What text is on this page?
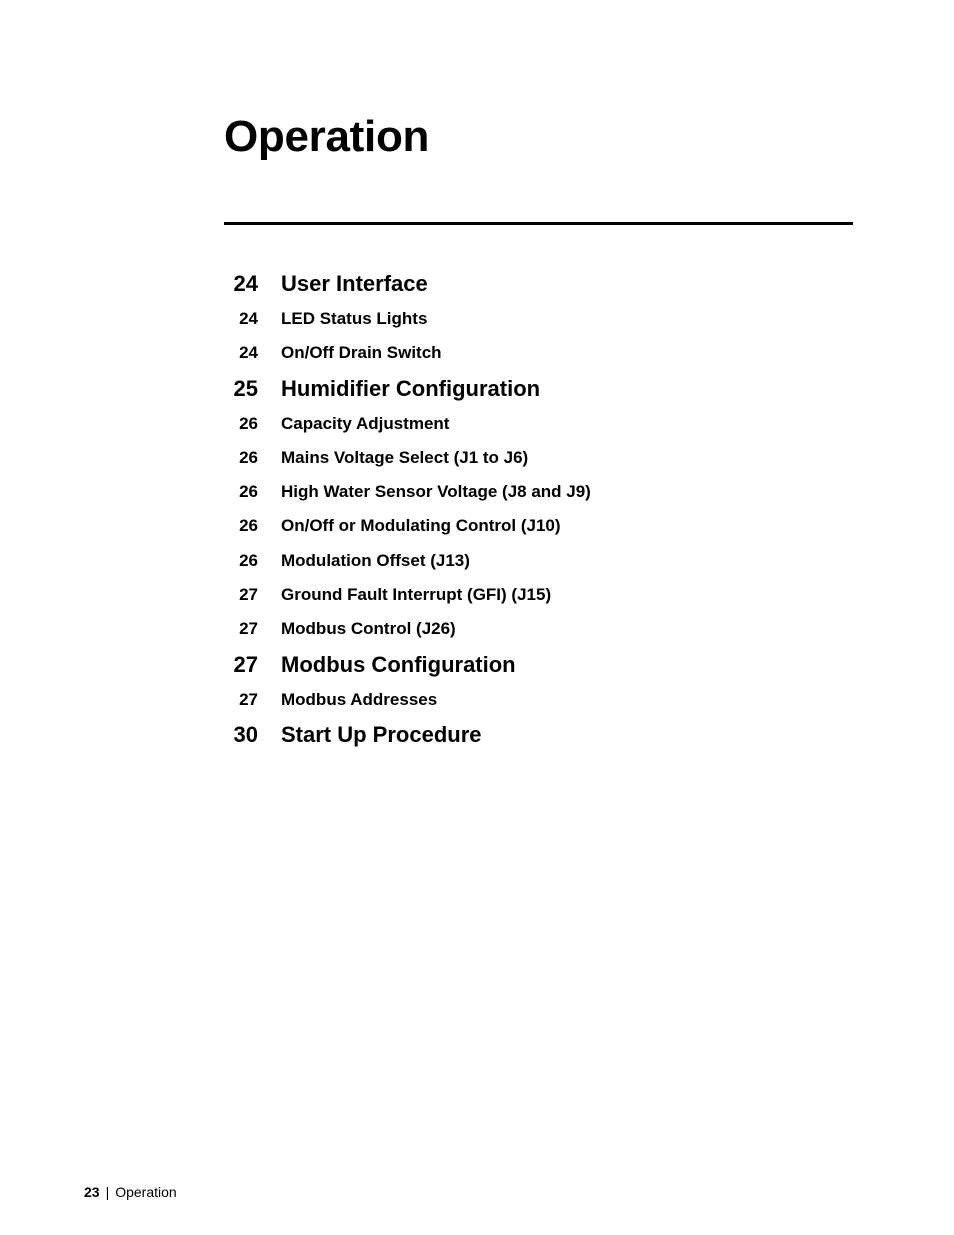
Operation
24 User Interface
24 LED Status Lights
24 On/Off Drain Switch
25 Humidifier Configuration
26 Capacity Adjustment
26 Mains Voltage Select (J1 to J6)
26 High Water Sensor Voltage (J8 and J9)
26 On/Off or Modulating Control (J10)
26 Modulation Offset (J13)
27 Ground Fault Interrupt (GFI) (J15)
27 Modbus Control (J26)
27 Modbus Configuration
27 Modbus Addresses
30 Start Up Procedure
23 | Operation
